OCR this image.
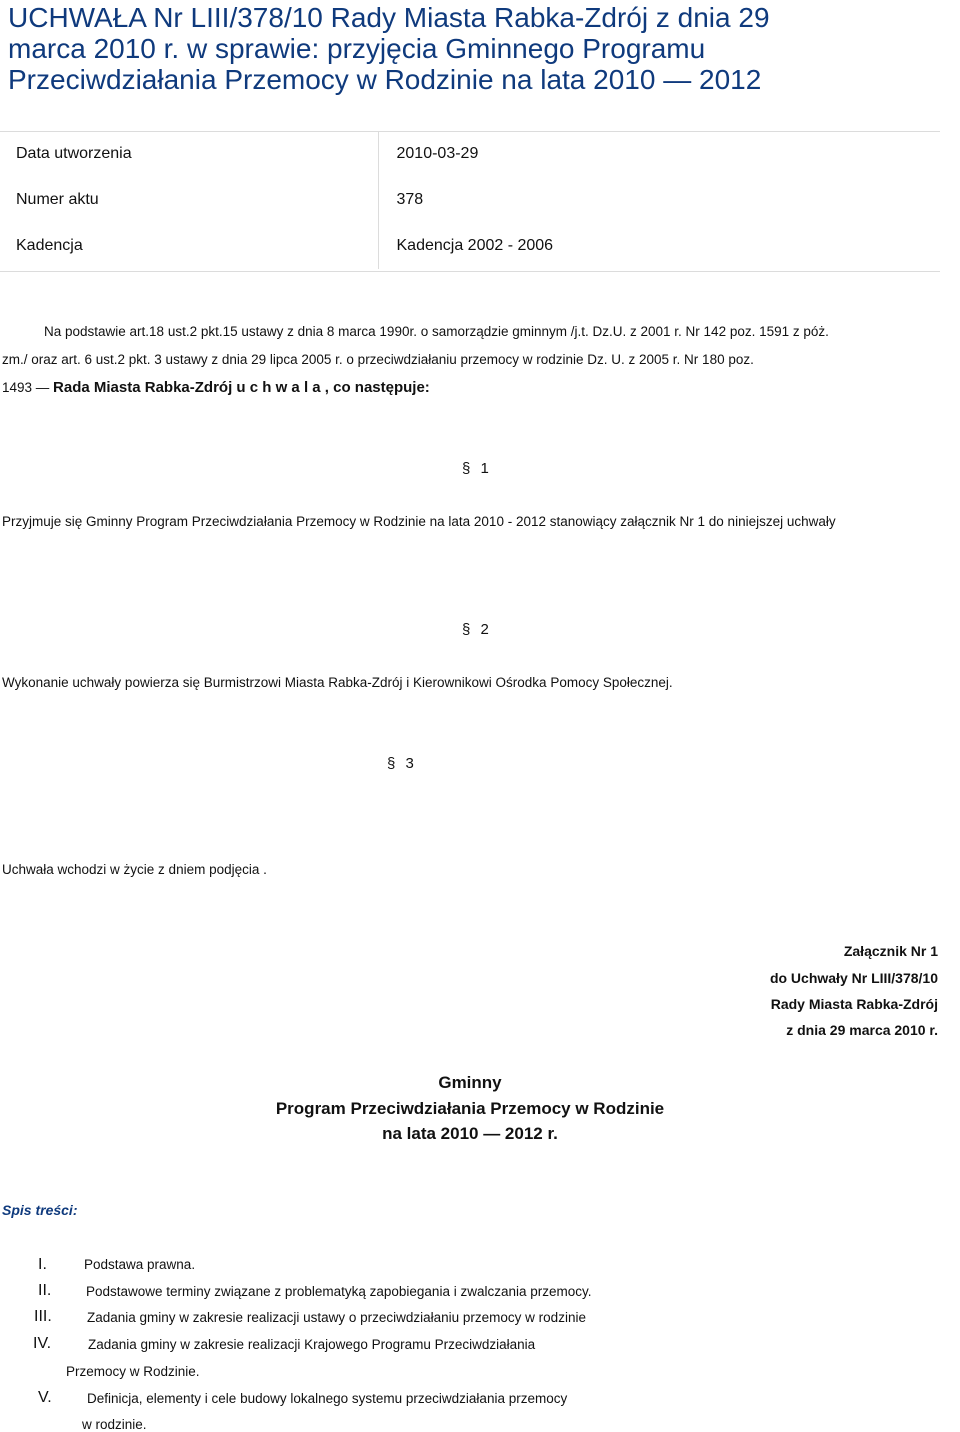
UCHWAŁA Nr LIII/378/10 Rady Miasta Rabka-Zdrój z dnia 29
marca 2010 r. w sprawie: przyjęcia Gminnego Programu
Przeciwdziałania Przemocy w Rodzinie na lata 2010 — 2012
Data utworzenia	2010-03-29
Numer aktu	378
Kadencja	Kadencja 2002 - 2006
Na podstawie art.18 ust.2 pkt.15 ustawy z dnia 8 marca 1990r. o samorządzie gminnym /j.t. Dz.U. z 2001 r. Nr 142 poz. 1591 z póż.
zm./ oraz art. 6 ust.2 pkt. 3 ustawy z dnia 29 lipca 2005 r. o przeciwdziałaniu przemocy w rodzinie Dz. U. z 2005 r. Nr 180 poz.
1493 — Rada Miasta Rabka-Zdrój u c h w a l a , co następuje:
§ 1
Przyjmuje się Gminny Program Przeciwdziałania Przemocy w Rodzinie na lata 2010 - 2012 stanowiący załącznik Nr 1 do niniejszej uchwały
§ 2
Wykonanie uchwały powierza się Burmistrzowi Miasta Rabka-Zdrój i Kierownikowi Ośrodka Pomocy Społecznej.
§ 3
Uchwała wchodzi w życie z dniem podjęcia .
Załącznik Nr 1
do Uchwały Nr LIII/378/10
Rady Miasta Rabka-Zdrój
z dnia 29 marca 2010 r.
Gminny
Program Przeciwdziałania Przemocy w Rodzinie
na lata 2010 — 2012 r.
Spis treści:
I.	Podstawa prawna.
II.	Podstawowe terminy związane z problematyką zapobiegania i zwalczania przemocy.
III.	Zadania gminy w zakresie realizacji ustawy o przeciwdziałaniu przemocy w rodzinie
IV.	Zadania gminy w zakresie realizacji Krajowego Programu Przeciwdziałania
Przemocy w Rodzinie.
V.	Definicja, elementy i cele budowy lokalnego systemu przeciwdziałania przemocy
w rodzinie.
